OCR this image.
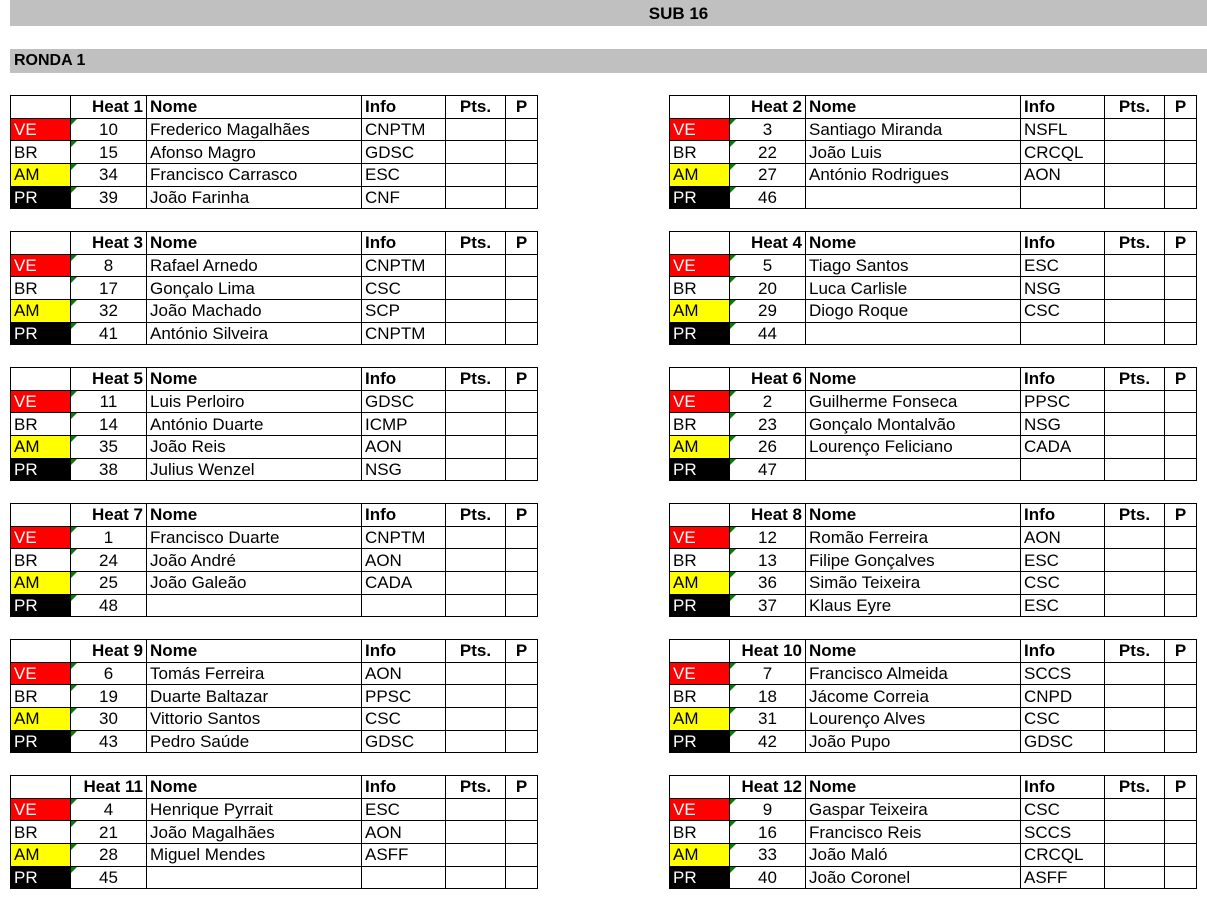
SUB 16
RONDA 1
	Heat 1	Nome	Info	Pts.	P
VE	10	Frederico Magalhães	CNPTM		
BR	15	Afonso Magro	GDSC		
AM	34	Francisco Carrasco	ESC		
PR	39	João Farinha	CNF		
	Heat 2	Nome	Info	Pts.	P
VE	3	Santiago Miranda	NSFL		
BR	22	João Luis	CRCQL		
AM	27	António Rodrigues	AON		
PR	46				
	Heat 3	Nome	Info	Pts.	P
VE	8	Rafael Arnedo	CNPTM		
BR	17	Gonçalo Lima	CSC		
AM	32	João Machado	SCP		
PR	41	António Silveira	CNPTM		
	Heat 4	Nome	Info	Pts.	P
VE	5	Tiago Santos	ESC		
BR	20	Luca Carlisle	NSG		
AM	29	Diogo Roque	CSC		
PR	44				
	Heat 5	Nome	Info	Pts.	P
VE	11	Luis Perloiro	GDSC		
BR	14	António Duarte	ICMP		
AM	35	João Reis	AON		
PR	38	Julius Wenzel	NSG		
	Heat 6	Nome	Info	Pts.	P
VE	2	Guilherme Fonseca	PPSC		
BR	23	Gonçalo Montalvão	NSG		
AM	26	Lourenço Feliciano	CADA		
PR	47				
	Heat 7	Nome	Info	Pts.	P
VE	1	Francisco Duarte	CNPTM		
BR	24	João André	AON		
AM	25	João Galeão	CADA		
PR	48				
	Heat 8	Nome	Info	Pts.	P
VE	12	Romão Ferreira	AON		
BR	13	Filipe Gonçalves	ESC		
AM	36	Simão Teixeira	CSC		
PR	37	Klaus Eyre	ESC		
	Heat 9	Nome	Info	Pts.	P
VE	6	Tomás Ferreira	AON		
BR	19	Duarte Baltazar	PPSC		
AM	30	Vittorio Santos	CSC		
PR	43	Pedro Saúde	GDSC		
	Heat 10	Nome	Info	Pts.	P
VE	7	Francisco Almeida	SCCS		
BR	18	Jácome Correia	CNPD		
AM	31	Lourenço Alves	CSC		
PR	42	João Pupo	GDSC		
	Heat 11	Nome	Info	Pts.	P
VE	4	Henrique Pyrrait	ESC		
BR	21	João Magalhães	AON		
AM	28	Miguel Mendes	ASFF		
PR	45				
	Heat 12	Nome	Info	Pts.	P
VE	9	Gaspar Teixeira	CSC		
BR	16	Francisco Reis	SCCS		
AM	33	João Maló	CRCQL		
PR	40	João Coronel	ASFF		
